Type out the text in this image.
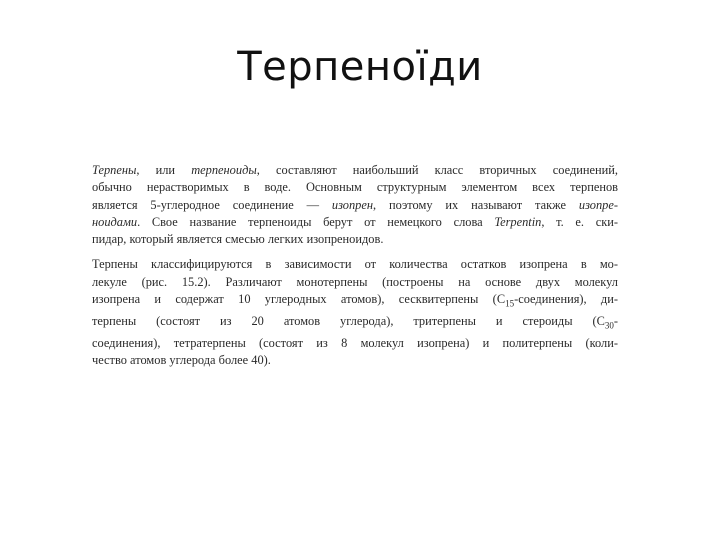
Терпеноїди

Терпены, или терпеноиды, составляют наибольший класс вторичных соединений,
обычно нерастворимых в воде. Основным структурным элементом всех терпенов
является 5-углеродное соединение — изопрен, поэтому их называют также изопре-
ноидами. Свое название терпеноиды берут от немецкого слова Terpentin, т. е. ски-
пидар, который является смесью легких изопреноидов.

Терпены классифицируются в зависимости от количества остатков изопрена в мо-
лекуле (рис. 15.2). Различают монотерпены (построены на основе двух молекул
изопрена и содержат 10 углеродных атомов), сесквитерпены $(C_{15}-соединения)$, ди-
терпены (состоят из 20 атомов углерода), тритерпены и стероиды ($C_{30}-$
соединения), тетратерпены (состоят из 8 молекул изопрена) и политерпены (коли-
чество атомов углерода более 40).
